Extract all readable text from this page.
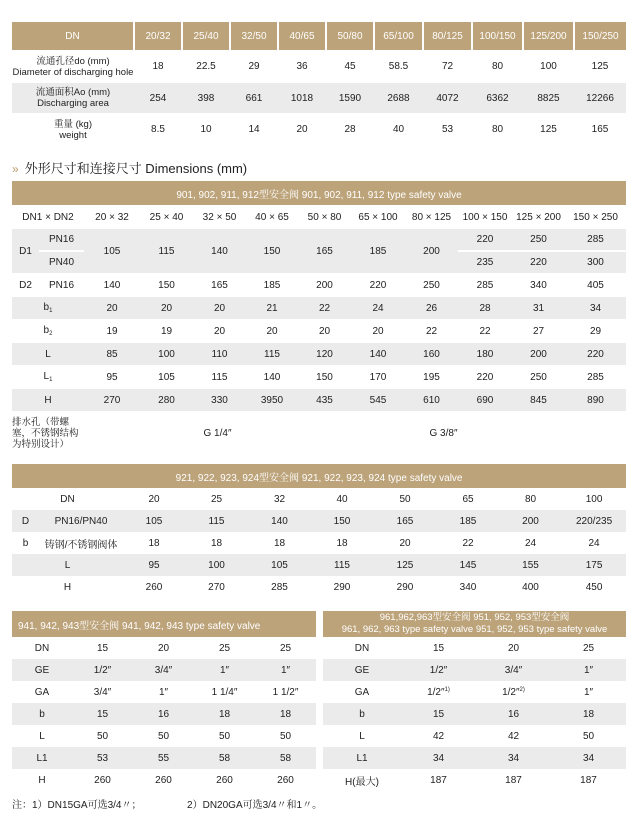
DN	20/32	25/40	32/50	40/65	50/80	65/100	80/125	100/150	125/200	150/250

流通孔径do (mm)
Diameter of discharging hole	18	22.5	29	36	45	58.5	72	80	100	125

流通面积Ao (mm)
Discharging area	254	398	661	1018	1590	2688	4072	6362	8825	12266

重量 (kg)
weight	8.5	10	14	20	28	40	53	80	125	165
» 外形尺寸和连接尺寸 Dimensions (mm)
901, 902, 911, 912型安全阀 901, 902, 911, 912 type safety valve											
DN1 × DN2		20 × 32	25 × 40	32 × 50	40 × 65	50 × 80	65 × 100	80 × 125	100 × 150	125 × 200	150 × 250
D1	PN16	105	115	140	150	165	185	200	220	250	285
	PN40								235	220	300
D2	PN16	140	150	165	185	200	220	250	285	340	405
$b_1$		20	20	20	21	22	24	26	28	31	34
$b_2$		19	19	20	20	20	20	22	22	27	29
L		85	100	110	115	120	140	160	180	200	220
$L_1$		95	105	115	140	150	170	195	220	250	285
H		270	280	330	3950	435	545	610	690	845	890
排水孔（带螺塞，不锈钢结构为特别设计）		G 1/4″					G 3/8″				
921, 922, 923, 924型安全阀 921, 922, 923, 924 type safety valve									
DN		20	25	32	40	50	65	80	100
D	PN16/PN40	105	115	140	150	165	185	200	220/235
b	铸钢/不锈钢阀体	18	18	18	18	20	22	24	24
L		95	100	105	115	125	145	155	175
H		260	270	285	290	290	340	400	450
941, 942, 943型安全阀 941, 942, 943 type safety valve				
DN	15	20	25	25
GE	1/2″	3/4″	1″	1″
GA	3/4″	1″	1 1/4″	1 1/2″
b	15	16	18	18
L	50	50	50	50
L1	53	55	58	58
H	260	260	260	260
961,962,963型安全阀 951, 952, 953型安全阀
961, 962, 963 type safety valve 951, 952, 953 type safety valve			

DN	15	20	25
GE	1/2″	3/4″	1″
GA	1/2″$^{1)}$	1/2″$^{2)}$	1″
b	15	16	18
L	42	42	50
L1	34	34	34
H(最大)	187	187	187
注：1）DN15GA可选3/4〃；	2）DN20GA可选3/4〃和1〃。
